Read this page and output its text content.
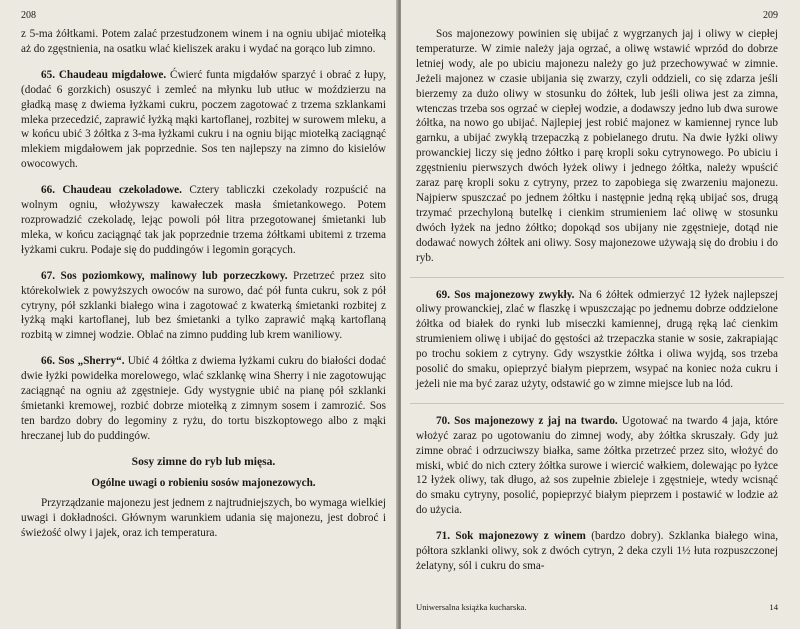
208

z 5-ma żółtkami. Potem zalać przestudzonem winem i na ogniu ubijać miotełką aż do zgęstnienia, na osatku wlać kieliszek araku i wydać na gorąco lub zimno.

65. Chaudeau migdałowe. Ćwierć funta migdałów sparzyć i obrać z łupy, (dodać 6 gorzkich) osuszyć i zemleć na młynku lub utłuc w moździerzu na gładką masę z dwiema łyżkami cukru, poczem zagotować z trzema szklankami mleka przecedzić, zaprawić łyżką mąki kartoflanej, rozbitej w surowem mleku, a w końcu ubić 3 żółtka z 3-ma łyżkami cukru i na ogniu bijąc miotełką zaciągnąć mlekiem migdałowem jak poprzednie. Sos ten najlepszy na zimno do kisielów owocowych.

66. Chaudeau czekoladowe. Cztery tabliczki czekolady rozpuścić na wolnym ogniu, włożywszy kawałeczek masła śmietankowego. Potem rozprowadzić czekoladę, lejąc powoli pół litra przegotowanej śmietanki lub mleka, w końcu zaciągnąć tak jak poprzednie trzema żółtkami ubitemi z trzema łyżkami cukru. Podaje się do puddingów i legomin gorących.

67. Sos poziomkowy, malinowy lub porzeczkowy. Przetrzeć przez sito którekolwiek z powyższych owoców na surowo, dać pół funta cukru, sok z pół cytryny, pół szklanki białego wina i zagotować z kwaterką śmietanki rozbitej z łyżką mąki kartoflanej, lub bez śmietanki a tylko zaprawić mąką kartoflaną rozbitą w zimnej wodzie. Oblać na zimno pudding lub krem waniliowy.

66. Sos „Sherry“. Ubić 4 żółtka z dwiema łyżkami cukru do białości dodać dwie łyżki powidełka morelowego, wlać szklankę wina Sherry i nie zagotowując zaciągnąć na ogniu aż zgęstnieje. Gdy wystygnie ubić na pianę pół szklanki śmietanki kremowej, rozbić dobrze miotełką z zimnym sosem i zamrozić. Sos ten bardzo dobry do legominy z ryżu, do tortu biszkoptowego albo z mąki hreczanej lub do puddingów.

Sosy zimne do ryb lub mięsa.

Ogólne uwagi o robieniu sosów majonezowych.

Przyrządzanie majonezu jest jednem z najtrudniejszych, bo wymaga wielkiej uwagi i dokładności. Głównym warunkiem udania się majonezu, jest dobroć i świeżość olwy i jajek, oraz ich temperatura.

209

Sos majonezowy powinien się ubijać z wygrzanych jaj i oliwy w ciepłej temperaturze. W zimie należy jaja ogrzać, a oliwę wstawić wprzód do dobrze letniej wody, ale po ubiciu majonezu należy go już przechowywać w zimnie. Jeżeli majonez w czasie ubijania się zwarzy, czyli oddzieli, co się zdarza jeśli bierzemy za dużo oliwy w stosunku do żółtek, lub jeśli oliwa jest za zimna, wtenczas trzeba sos ogrzać w ciepłej wodzie, a dodawszy jedno lub dwa surowe żółtka, na nowo go ubijać. Najlepiej jest robić majonez w kamiennej rynce lub garnku, a ubijać zwykłą trzepaczką z pobielanego drutu. Na dwie łyżki oliwy prowanckiej liczy się jedno żółtko i parę kropli soku cytrynowego. Po ubiciu i zgęstnieniu pierwszych dwóch łyżek oliwy i jednego żółtka, należy wpuścić zaraz parę kropli soku z cytryny, przez to zapobiega się zwarzeniu majonezu. Najpierw spuszczać po jednem żółtku i następnie jedną ręką ubijać sos, drugą trzymać przechyloną butelkę i cienkim strumieniem lać oliwę w stosunku dwóch łyżek na jedno żółtko; dopokąd sos ubijany nie zgęstnieje, dotąd nie dodawać nowych żółtek ani oliwy. Sosy majonezowe używają się do drobiu i do ryb.

69. Sos majonezowy zwykły. Na 6 żółtek odmierzyć 12 łyżek najlepszej oliwy prowanckiej, zlać w flaszkę i wpuszczając po jednemu dobrze oddzielone żółtka od białek do rynki lub miseczki kamiennej, drugą ręką lać cienkim strumieniem oliwę i ubijać do gęstości aż trzepaczka stanie w sosie, zakrapiając po trochu sokiem z cytryny. Gdy wszystkie żółtka i oliwa wyjdą, sos trzeba posolić do smaku, opieprzyć białym pieprzem, wsypać na koniec noża cukru i jeżeli nie ma być zaraz użyty, odstawić go w zimne miejsce lub na lód.

70. Sos majonezowy z jaj na twardo. Ugotować na twardo 4 jaja, które włożyć zaraz po ugotowaniu do zimnej wody, aby żółtka skruszały. Gdy już zimne obrać i odrzuciwszy białka, same żółtka przetrzeć przez sito, włożyć do miski, wbić do nich cztery żółtka surowe i wiercić wałkiem, dolewając po łyżce 12 łyżek oliwy, tak długo, aż sos zupełnie zbieleje i zgęstnieje, wtedy wcisnąć do smaku cytryny, posolić, popieprzyć białym pieprzem i postawić w lodzie aż do użycia.

71. Sok majonezowy z winem (bardzo dobry). Szklanka białego wina, półtora szklanki oliwy, sok z dwóch cytryn, 2 deka czyli 1½ łuta rozpuszczonej żelatyny, sól i cukru do sma-

Uniwersalna książka kucharska.	14
